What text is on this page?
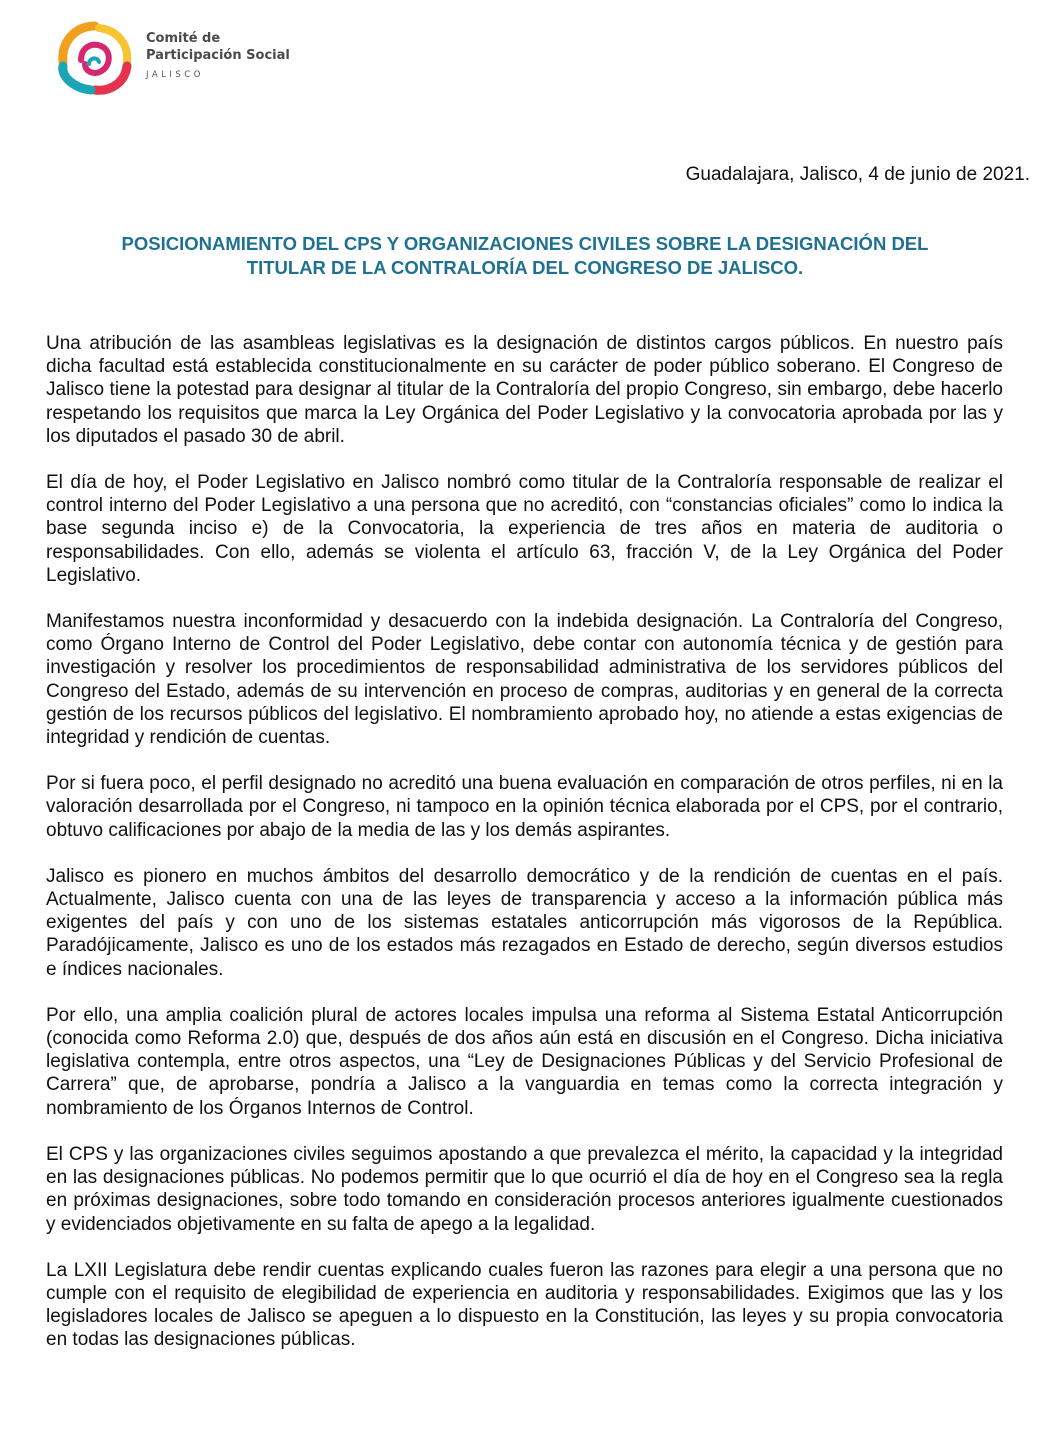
Comité de
Participación Social
JALISCO
Guadalajara, Jalisco, 4 de junio de 2021.
POSICIONAMIENTO DEL CPS Y ORGANIZACIONES CIVILES SOBRE LA DESIGNACIÓN DEL
TITULAR DE LA CONTRALORÍA DEL CONGRESO DE JALISCO.

Una atribución de las asambleas legislativas es la designación de distintos cargos públicos. En nuestro país dicha facultad está establecida constitucionalmente en su carácter de poder público soberano. El Congreso de Jalisco tiene la potestad para designar al titular de la Contraloría del propio Congreso, sin embargo, debe hacerlo respetando los requisitos que marca la Ley Orgánica del Poder Legislativo y la convocatoria aprobada por las y los diputados el pasado 30 de abril.

El día de hoy, el Poder Legislativo en Jalisco nombró como titular de la Contraloría responsable de realizar el control interno del Poder Legislativo a una persona que no acreditó, con “constancias oficiales” como lo indica la base segunda inciso e) de la Convocatoria, la experiencia de tres años en materia de auditoria o responsabilidades. Con ello, además se violenta el artículo 63, fracción V, de la Ley Orgánica del Poder Legislativo.

Manifestamos nuestra inconformidad y desacuerdo con la indebida designación. La Contraloría del Congreso, como Órgano Interno de Control del Poder Legislativo, debe contar con autonomía técnica y de gestión para investigación y resolver los procedimientos de responsabilidad administrativa de los servidores públicos del Congreso del Estado, además de su intervención en proceso de compras, auditorias y en general de la correcta gestión de los recursos públicos del legislativo. El nombramiento aprobado hoy, no atiende a estas exigencias de integridad y rendición de cuentas.

Por si fuera poco, el perfil designado no acreditó una buena evaluación en comparación de otros perfiles, ni en la valoración desarrollada por el Congreso, ni tampoco en la opinión técnica elaborada por el CPS, por el contrario, obtuvo calificaciones por abajo de la media de las y los demás aspirantes.

Jalisco es pionero en muchos ámbitos del desarrollo democrático y de la rendición de cuentas en el país. Actualmente, Jalisco cuenta con una de las leyes de transparencia y acceso a la información pública más exigentes del país y con uno de los sistemas estatales anticorrupción más vigorosos de la República. Paradójicamente, Jalisco es uno de los estados más rezagados en Estado de derecho, según diversos estudios e índices nacionales.

Por ello, una amplia coalición plural de actores locales impulsa una reforma al Sistema Estatal Anticorrupción (conocida como Reforma 2.0) que, después de dos años aún está en discusión en el Congreso. Dicha iniciativa legislativa contempla, entre otros aspectos, una “Ley de Designaciones Públicas y del Servicio Profesional de Carrera” que, de aprobarse, pondría a Jalisco a la vanguardia en temas como la correcta integración y nombramiento de los Órganos Internos de Control.

El CPS y las organizaciones civiles seguimos apostando a que prevalezca el mérito, la capacidad y la integridad en las designaciones públicas. No podemos permitir que lo que ocurrió el día de hoy en el Congreso sea la regla en próximas designaciones, sobre todo tomando en consideración procesos anteriores igualmente cuestionados y evidenciados objetivamente en su falta de apego a la legalidad.

La LXII Legislatura debe rendir cuentas explicando cuales fueron las razones para elegir a una persona que no cumple con el requisito de elegibilidad de experiencia en auditoria y responsabilidades. Exigimos que las y los legisladores locales de Jalisco se apeguen a lo dispuesto en la Constitución, las leyes y su propia convocatoria en todas las designaciones públicas.
